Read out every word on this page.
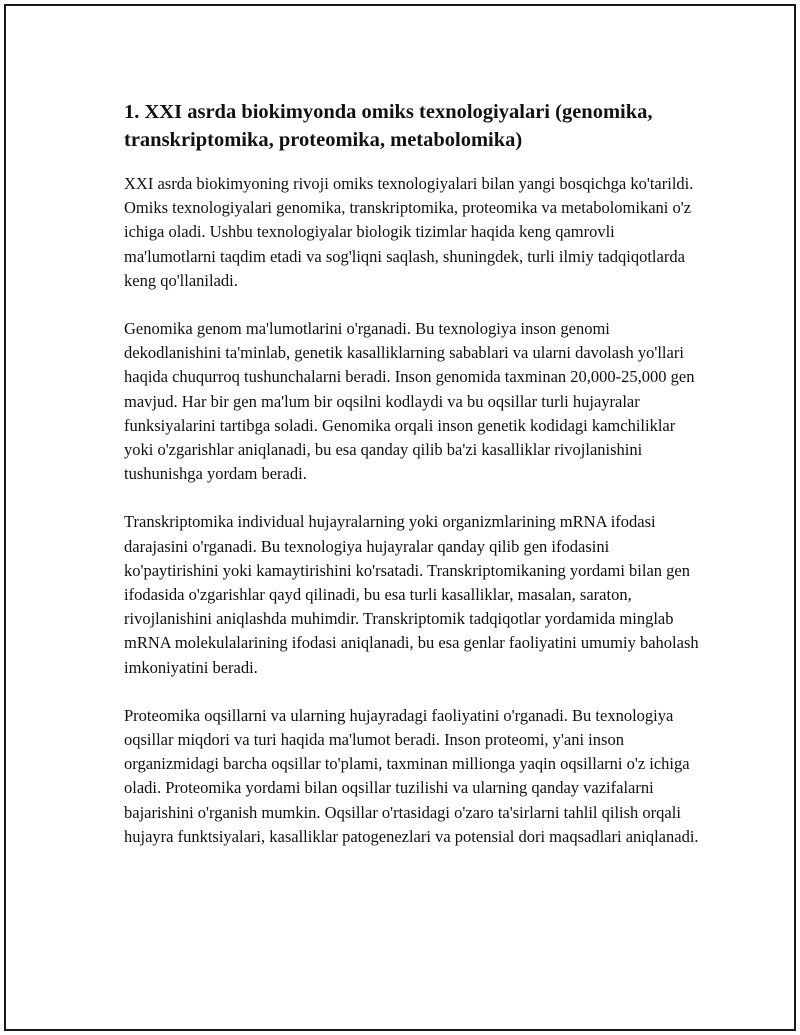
1. XXI asrda biokimyonda omiks texnologiyalari (genomika, transkriptomika, proteomika, metabolomika)

XXI asrda biokimyoning rivoji omiks texnologiyalari bilan yangi bosqichga ko'tarildi. Omiks texnologiyalari genomika, transkriptomika, proteomika va metabolomikani o'z ichiga oladi. Ushbu texnologiyalar biologik tizimlar haqida keng qamrovli ma'lumotlarni taqdim etadi va sog'liqni saqlash, shuningdek, turli ilmiy tadqiqotlarda keng qo'llaniladi.

Genomika genom ma'lumotlarini o'rganadi. Bu texnologiya inson genomi dekodlanishini ta'minlab, genetik kasalliklarning sabablari va ularni davolash yo'llari haqida chuqurroq tushunchalarni beradi. Inson genomida taxminan 20,000-25,000 gen mavjud. Har bir gen ma'lum bir oqsilni kodlaydi va bu oqsillar turli hujayralar funksiyalarini tartibga soladi. Genomika orqali inson genetik kodidagi kamchiliklar yoki o'zgarishlar aniqlanadi, bu esa qanday qilib ba'zi kasalliklar rivojlanishini tushunishga yordam beradi.

Transkriptomika individual hujayralarning yoki organizmlarining mRNA ifodasi darajasini o'rganadi. Bu texnologiya hujayralar qanday qilib gen ifodasini ko'paytirishini yoki kamaytirishini ko'rsatadi. Transkriptomikaning yordami bilan gen ifodasida o'zgarishlar qayd qilinadi, bu esa turli kasalliklar, masalan, saraton, rivojlanishini aniqlashda muhimdir. Transkriptomik tadqiqotlar yordamida minglab mRNA molekulalarining ifodasi aniqlanadi, bu esa genlar faoliyatini umumiy baholash imkoniyatini beradi.

Proteomika oqsillarni va ularning hujayradagi faoliyatini o'rganadi. Bu texnologiya oqsillar miqdori va turi haqida ma'lumot beradi. Inson proteomi, y'ani inson organizmidagi barcha oqsillar to'plami, taxminan millionga yaqin oqsillarni o'z ichiga oladi. Proteomika yordami bilan oqsillar tuzilishi va ularning qanday vazifalarni bajarishini o'rganish mumkin. Oqsillar o'rtasidagi o'zaro ta'sirlarni tahlil qilish orqali hujayra funktsiyalari, kasalliklar patogenezlari va potensial dori maqsadlari aniqlanadi.
